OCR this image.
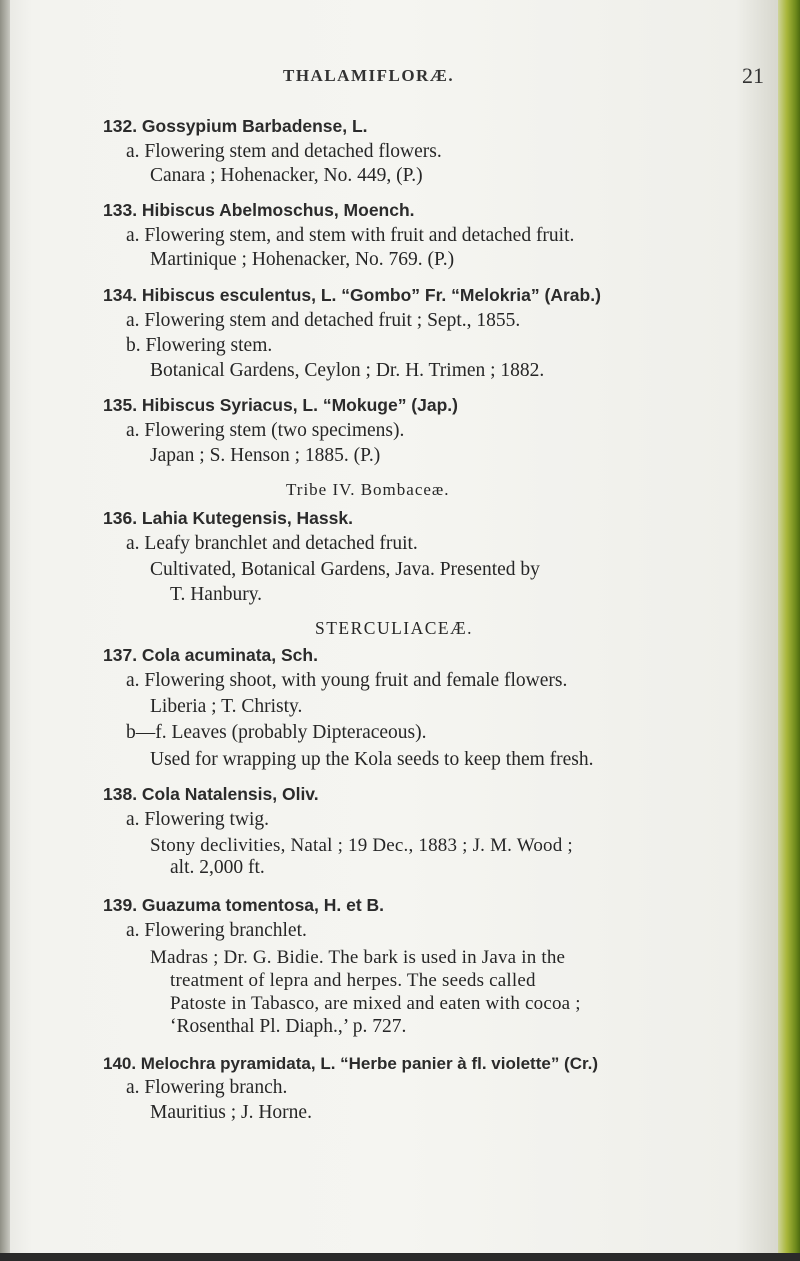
THALAMIFLORÆ.	21
132. Gossypium Barbadense, L.
a. Flowering stem and detached flowers.
Canara ; Hohenacker, No. 449, (P.)
133. Hibiscus Abelmoschus, Moench.
a. Flowering stem, and stem with fruit and detached fruit.
Martinique ; Hohenacker, No. 769. (P.)
134. Hibiscus esculentus, L. “Gombo” Fr. “Melokria” (Arab.)
a. Flowering stem and detached fruit ; Sept., 1855.
b. Flowering stem.
Botanical Gardens, Ceylon ; Dr. H. Trimen ; 1882.
135. Hibiscus Syriacus, L. “Mokuge” (Jap.)
a. Flowering stem (two specimens).
Japan ; S. Henson ; 1885. (P.)
Tribe IV. Bombaceæ.
136. Lahia Kutegensis, Hassk.
a. Leafy branchlet and detached fruit.
Cultivated, Botanical Gardens, Java. Presented by
T. Hanbury.
STERCULIACEÆ.
137. Cola acuminata, Sch.
a. Flowering shoot, with young fruit and female flowers.
Liberia ; T. Christy.
b—f. Leaves (probably Dipteraceous).
Used for wrapping up the Kola seeds to keep them fresh.
138. Cola Natalensis, Oliv.
a. Flowering twig.
Stony declivities, Natal ; 19 Dec., 1883 ; J. M. Wood ;
alt. 2,000 ft.
139. Guazuma tomentosa, H. et B.
a. Flowering branchlet.
Madras ; Dr. G. Bidie. The bark is used in Java in the
treatment of lepra and herpes. The seeds called
Patoste in Tabasco, are mixed and eaten with cocoa ;
‘Rosenthal Pl. Diaph.,’ p. 727.
140. Melochra pyramidata, L. “Herbe panier à fl. violette” (Cr.)
a. Flowering branch.
Mauritius ; J. Horne.
